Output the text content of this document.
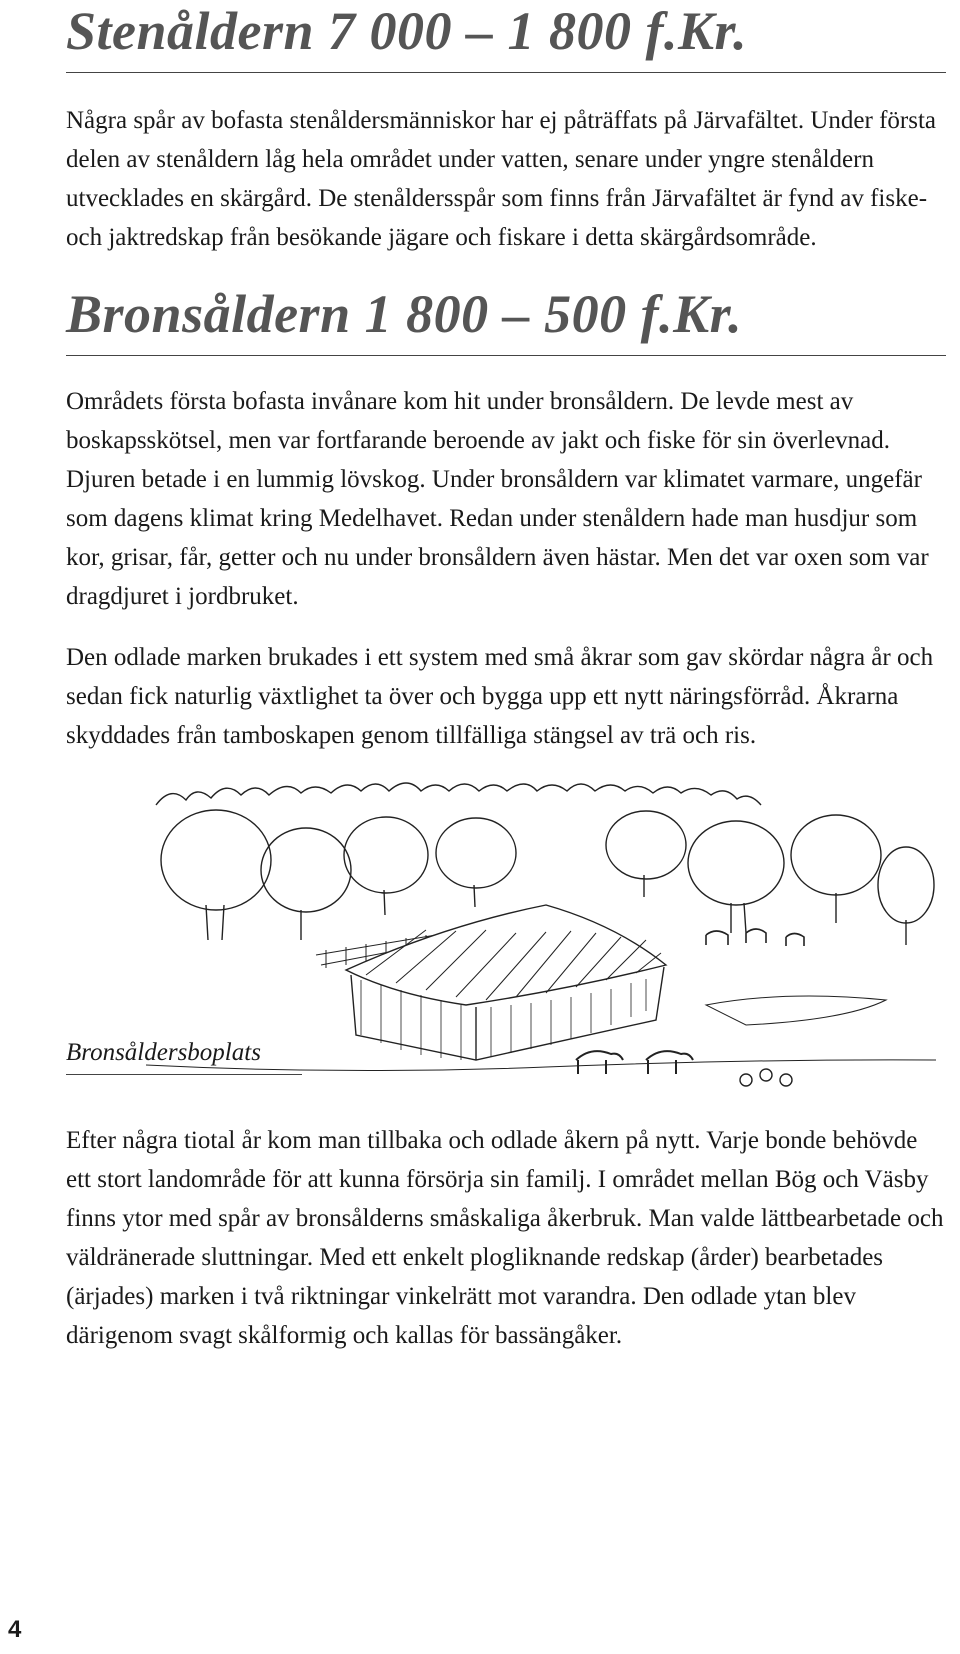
Stenåldern 7 000 – 1 800 f.Kr.

Några spår av bofasta stenåldersmänniskor har ej påträffats på Järvafältet. Under första delen av stenåldern låg hela området under vatten, senare under yngre stenåldern utvecklades en skärgård. De stenåldersspår som finns från Järvafältet är fynd av fiske- och jaktredskap från besökande jägare och fiskare i detta skärgårdsområde.

Bronsåldern 1 800 – 500 f.Kr.

Områdets första bofasta invånare kom hit under bronsåldern. De levde mest av boskapsskötsel, men var fortfarande beroende av jakt och fiske för sin överlevnad. Djuren betade i en lummig lövskog. Under bronsåldern var klimatet varmare, ungefär som dagens klimat kring Medelhavet. Redan under stenåldern hade man husdjur som kor, grisar, får, getter och nu under bronsåldern även hästar. Men det var oxen som var dragdjuret i jordbruket.

Den odlade marken brukades i ett system med små åkrar som gav skördar några år och sedan fick naturlig växtlighet ta över och bygga upp ett nytt näringsförråd. Åkrarna skyddades från tamboskapen genom tillfälliga stängsel av trä och ris.

Bronsåldersboplats

Efter några tiotal år kom man tillbaka och odlade åkern på nytt. Varje bonde behövde ett stort landområde för att kunna försörja sin familj. I området mellan Bög och Väsby finns ytor med spår av bronsålderns småskaliga åkerbruk. Man valde lättbearbetade och väldränerade sluttningar. Med ett enkelt plogliknande redskap (årder) bearbetades (ärjades) marken i två riktningar vinkelrätt mot varandra. Den odlade ytan blev därigenom svagt skålformig och kallas för bassängåker.

4
